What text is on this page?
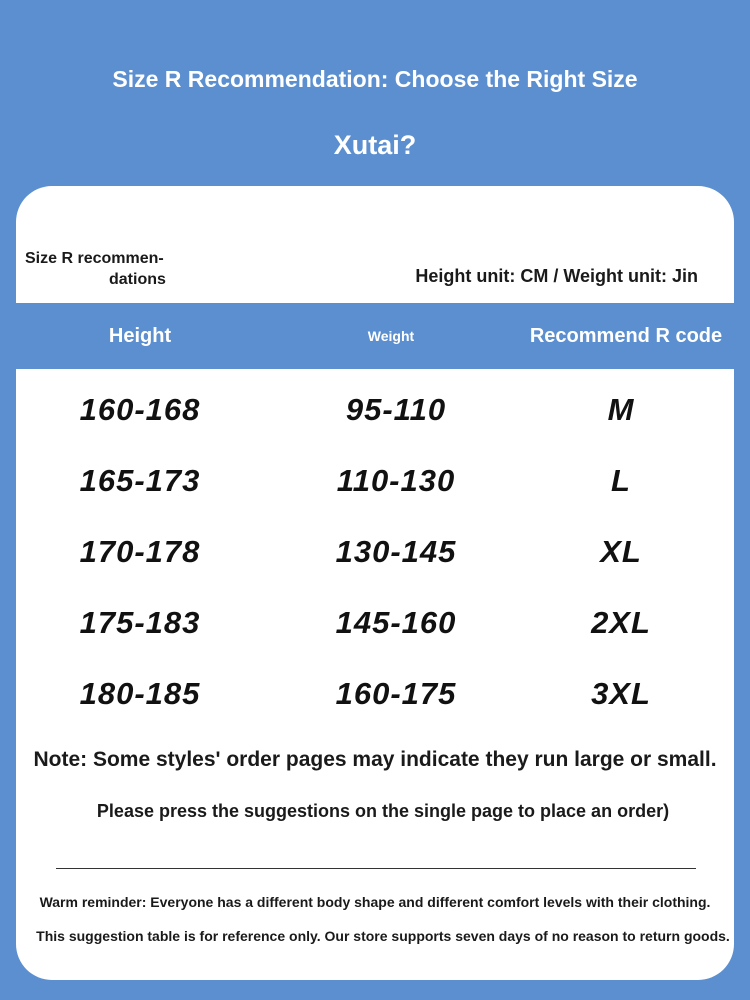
Size R Recommendation: Choose the Right Size
Xutai?
Size R recommen-
dations	Height unit: CM / Weight unit: Jin
Height	Weight	Recommend R code
160-168	95-110	M
165-173	110-130	L
170-178	130-145	XL
175-183	145-160	2XL
180-185	160-175	3XL
Note: Some styles' order pages may indicate they run large or small.
Please press the suggestions on the single page to place an order)
Warm reminder: Everyone has a different body shape and different comfort levels with their clothing.
This suggestion table is for reference only. Our store supports seven days of no reason to return goods.
